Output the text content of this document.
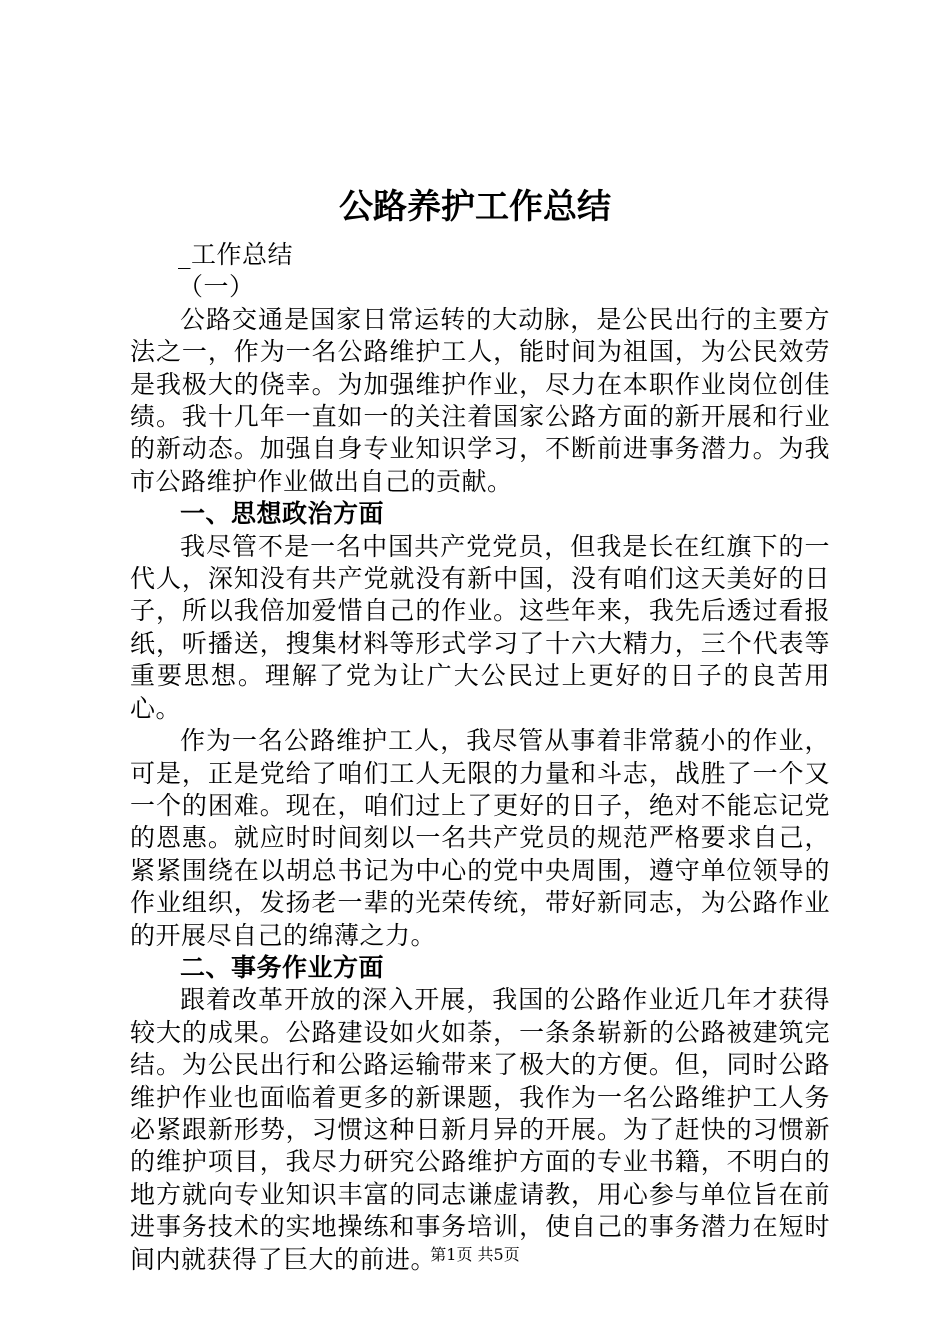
公路养护工作总结

_工作总结

（一）

公路交通是国家日常运转的大动脉，是公民出行的主要方法之一，作为一名公路维护工人，能时间为祖国，为公民效劳是我极大的侥幸。为加强维护作业，尽力在本职作业岗位创佳绩。我十几年一直如一的关注着国家公路方面的新开展和行业的新动态。加强自身专业知识学习，不断前进事务潜力。为我市公路维护作业做出自己的贡献。

一、思想政治方面

我尽管不是一名中国共产党党员，但我是长在红旗下的一代人，深知没有共产党就没有新中国，没有咱们这天美好的日子，所以我倍加爱惜自己的作业。这些年来，我先后透过看报纸，听播送，搜集材料等形式学习了十六大精力，三个代表等重要思想。理解了党为让广大公民过上更好的日子的良苦用心。

作为一名公路维护工人，我尽管从事着非常藐小的作业，可是，正是党给了咱们工人无限的力量和斗志，战胜了一个又一个的困难。现在，咱们过上了更好的日子，绝对不能忘记党的恩惠。就应时时间刻以一名共产党员的规范严格要求自己，紧紧围绕在以胡总书记为中心的党中央周围，遵守单位领导的作业组织，发扬老一辈的光荣传统，带好新同志，为公路作业的开展尽自己的绵薄之力。

二、事务作业方面

跟着改革开放的深入开展，我国的公路作业近几年才获得较大的成果。公路建设如火如荼，一条条崭新的公路被建筑完结。为公民出行和公路运输带来了极大的方便。但，同时公路维护作业也面临着更多的新课题，我作为一名公路维护工人务必紧跟新形势，习惯这种日新月异的开展。为了赶快的习惯新的维护项目，我尽力研究公路维护方面的专业书籍，不明白的地方就向专业知识丰富的同志谦虚请教，用心参与单位旨在前进事务技术的实地操练和事务培训，使自己的事务潜力在短时间内就获得了巨大的前进。

第1页 共5页
